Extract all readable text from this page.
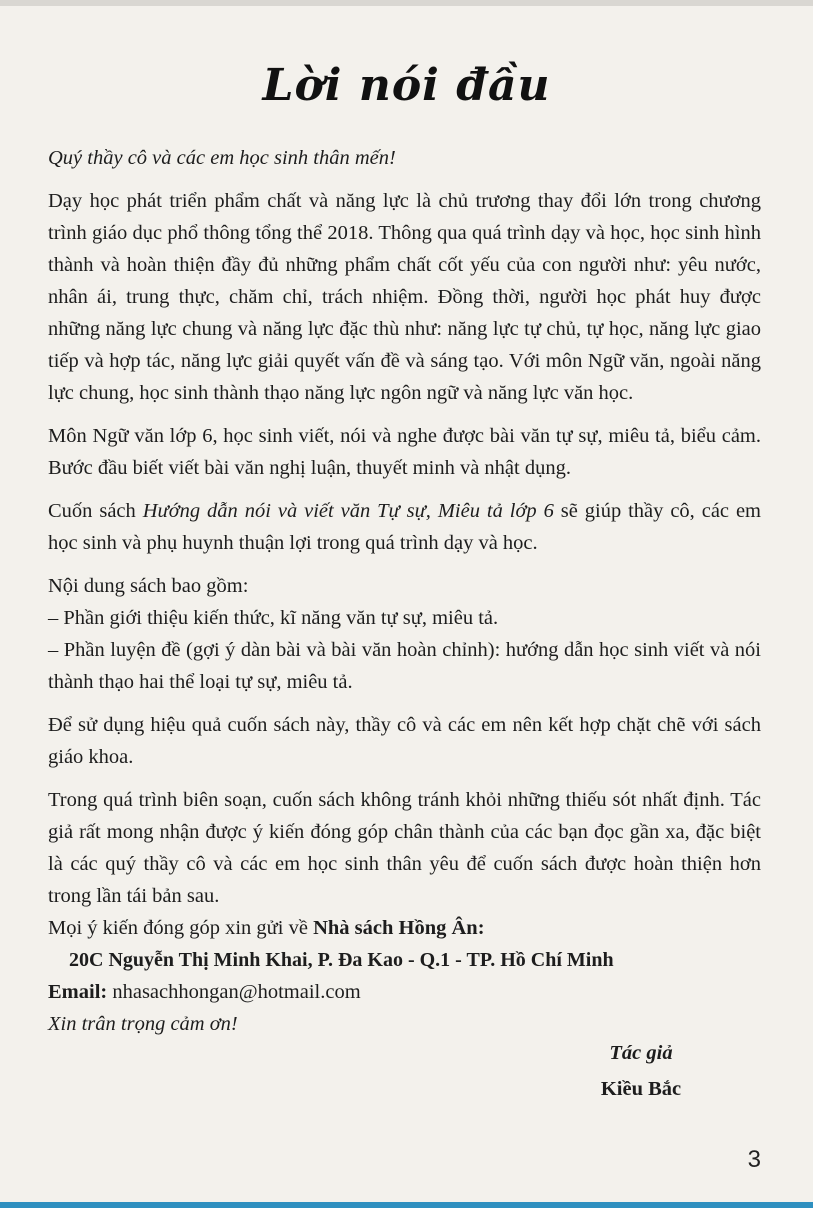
Lời nói đầu

Quý thầy cô và các em học sinh thân mến!

Dạy học phát triển phẩm chất và năng lực là chủ trương thay đổi lớn trong chương trình giáo dục phổ thông tổng thể 2018. Thông qua quá trình dạy và học, học sinh hình thành và hoàn thiện đầy đủ những phẩm chất cốt yếu của con người như: yêu nước, nhân ái, trung thực, chăm chỉ, trách nhiệm. Đồng thời, người học phát huy được những năng lực chung và năng lực đặc thù như: năng lực tự chủ, tự học, năng lực giao tiếp và hợp tác, năng lực giải quyết vấn đề và sáng tạo. Với môn Ngữ văn, ngoài năng lực chung, học sinh thành thạo năng lực ngôn ngữ và năng lực văn học.

Môn Ngữ văn lớp 6, học sinh viết, nói và nghe được bài văn tự sự, miêu tả, biểu cảm. Bước đầu biết viết bài văn nghị luận, thuyết minh và nhật dụng.

Cuốn sách Hướng dẫn nói và viết văn Tự sự, Miêu tả lớp 6 sẽ giúp thầy cô, các em học sinh và phụ huynh thuận lợi trong quá trình dạy và học.

Nội dung sách bao gồm:

– Phần giới thiệu kiến thức, kĩ năng văn tự sự, miêu tả.

– Phần luyện đề (gợi ý dàn bài và bài văn hoàn chỉnh): hướng dẫn học sinh viết và nói thành thạo hai thể loại tự sự, miêu tả.

Để sử dụng hiệu quả cuốn sách này, thầy cô và các em nên kết hợp chặt chẽ với sách giáo khoa.

Trong quá trình biên soạn, cuốn sách không tránh khỏi những thiếu sót nhất định. Tác giả rất mong nhận được ý kiến đóng góp chân thành của các bạn đọc gần xa, đặc biệt là các quý thầy cô và các em học sinh thân yêu để cuốn sách được hoàn thiện hơn trong lần tái bản sau.

Mọi ý kiến đóng góp xin gửi về Nhà sách Hồng Ân:

20C Nguyễn Thị Minh Khai, P. Đa Kao - Q.1 - TP. Hồ Chí Minh

Email: nhasachhongan@hotmail.com

Xin trân trọng cảm ơn!

Tác giả
Kiều Bắc
3
